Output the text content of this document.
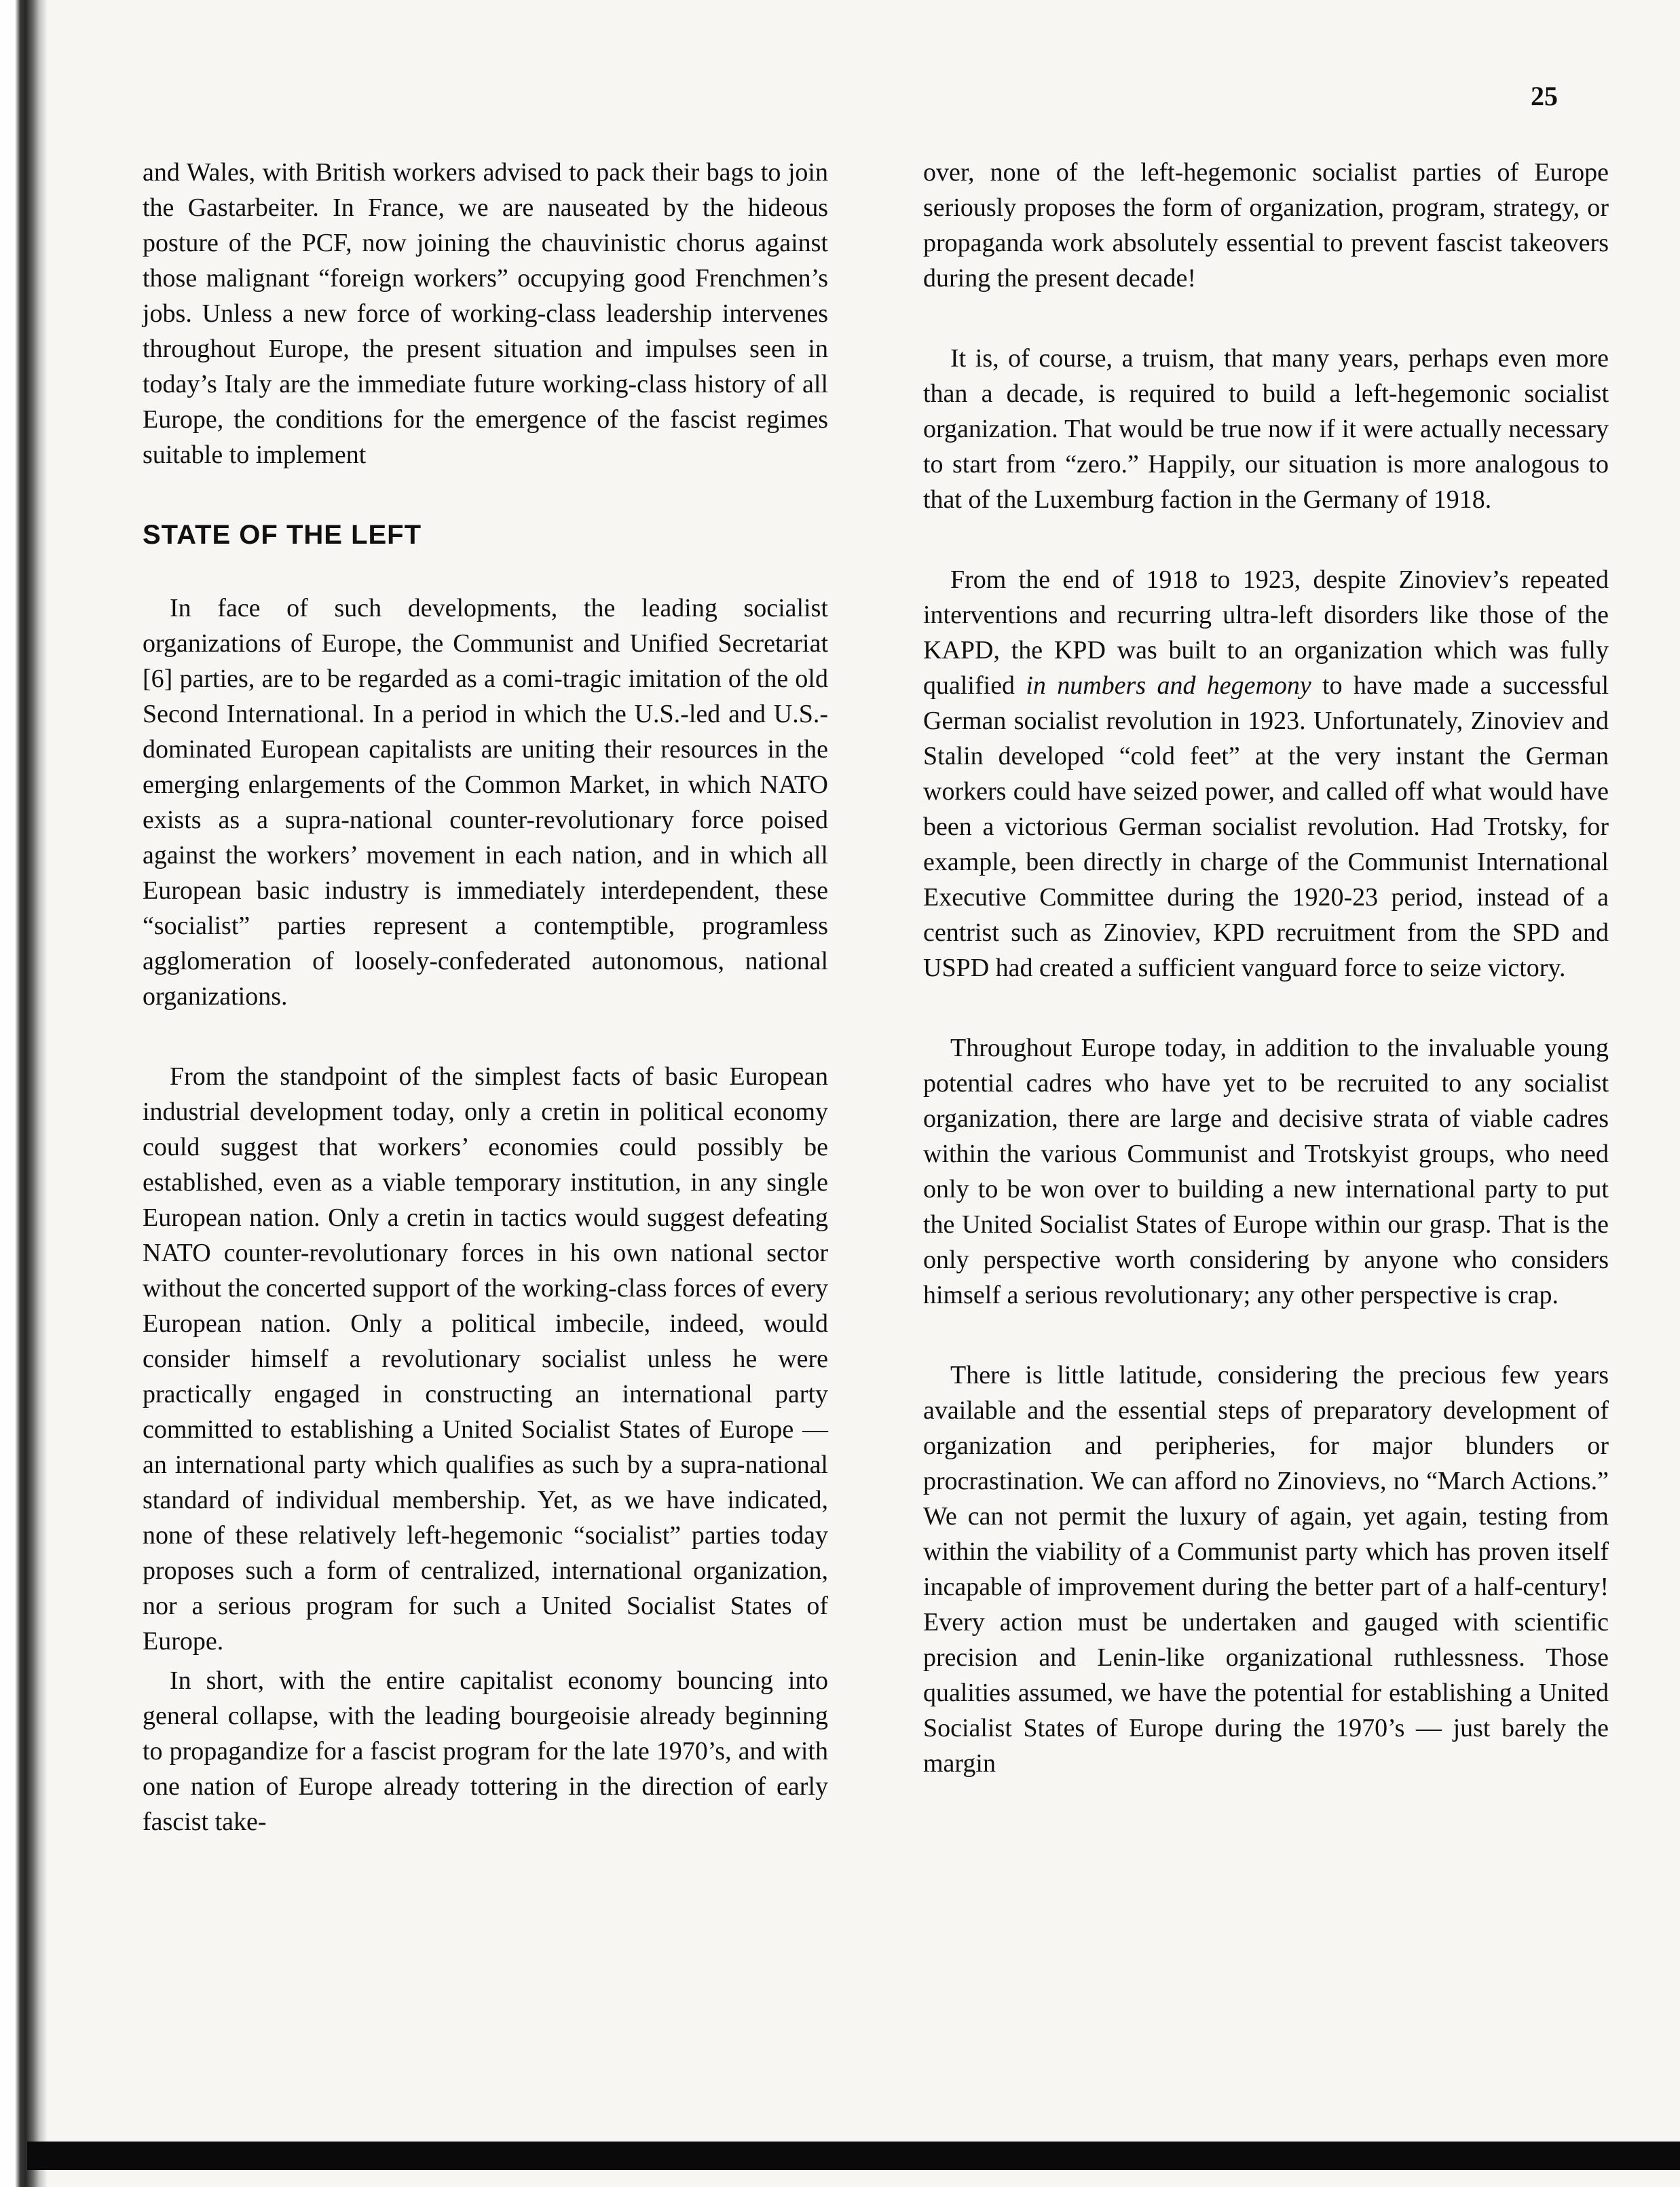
25

and Wales, with British workers advised to pack their bags to join the Gastarbeiter. In France, we are nauseated by the hideous posture of the PCF, now joining the chauvinistic chorus against those malignant “foreign workers” occupying good Frenchmen’s jobs. Unless a new force of working-class leadership intervenes throughout Europe, the present situation and impulses seen in today’s Italy are the immediate future working-class history of all Europe, the conditions for the emergence of the fascist regimes suitable to implement

STATE OF THE LEFT

In face of such developments, the leading socialist organizations of Europe, the Communist and Unified Secretariat [6] parties, are to be regarded as a comi-tragic imitation of the old Second International. In a period in which the U.S.-led and U.S.-dominated European capitalists are uniting their resources in the emerging enlargements of the Common Market, in which NATO exists as a supra-national counter-revolutionary force poised against the workers’ movement in each nation, and in which all European basic industry is immediately interdependent, these “socialist” parties represent a contemptible, programless agglomeration of loosely-confederated autonomous, national organizations.

From the standpoint of the simplest facts of basic European industrial development today, only a cretin in political economy could suggest that workers’ economies could possibly be established, even as a viable temporary institution, in any single European nation. Only a cretin in tactics would suggest defeating NATO counter-revolutionary forces in his own national sector without the concerted support of the working-class forces of every European nation. Only a political imbecile, indeed, would consider himself a revolutionary socialist unless he were practically engaged in constructing an international party committed to establishing a United Socialist States of Europe — an international party which qualifies as such by a supra-national standard of individual membership. Yet, as we have indicated, none of these relatively left-hegemonic “socialist” parties today proposes such a form of centralized, international organization, nor a serious program for such a United Socialist States of Europe.

In short, with the entire capitalist economy bouncing into general collapse, with the leading bourgeoisie already beginning to propagandize for a fascist program for the late 1970’s, and with one nation of Europe already tottering in the direction of early fascist take-

over, none of the left-hegemonic socialist parties of Europe seriously proposes the form of organization, program, strategy, or propaganda work absolutely essential to prevent fascist takeovers during the present decade!

It is, of course, a truism, that many years, perhaps even more than a decade, is required to build a left-hegemonic socialist organization. That would be true now if it were actually necessary to start from “zero.” Happily, our situation is more analogous to that of the Luxemburg faction in the Germany of 1918.

From the end of 1918 to 1923, despite Zinoviev’s repeated interventions and recurring ultra-left disorders like those of the KAPD, the KPD was built to an organization which was fully qualified in numbers and hegemony to have made a successful German socialist revolution in 1923. Unfortunately, Zinoviev and Stalin developed “cold feet” at the very instant the German workers could have seized power, and called off what would have been a victorious German socialist revolution. Had Trotsky, for example, been directly in charge of the Communist International Executive Committee during the 1920-23 period, instead of a centrist such as Zinoviev, KPD recruitment from the SPD and USPD had created a sufficient vanguard force to seize victory.

Throughout Europe today, in addition to the invaluable young potential cadres who have yet to be recruited to any socialist organization, there are large and decisive strata of viable cadres within the various Communist and Trotskyist groups, who need only to be won over to building a new international party to put the United Socialist States of Europe within our grasp. That is the only perspective worth considering by anyone who considers himself a serious revolutionary; any other perspective is crap.

There is little latitude, considering the precious few years available and the essential steps of preparatory development of organization and peripheries, for major blunders or procrastination. We can afford no Zinovievs, no “March Actions.” We can not permit the luxury of again, yet again, testing from within the viability of a Communist party which has proven itself incapable of improvement during the better part of a half-century! Every action must be undertaken and gauged with scientific precision and Lenin-like organizational ruthlessness. Those qualities assumed, we have the potential for establishing a United Socialist States of Europe during the 1970’s — just barely the margin
